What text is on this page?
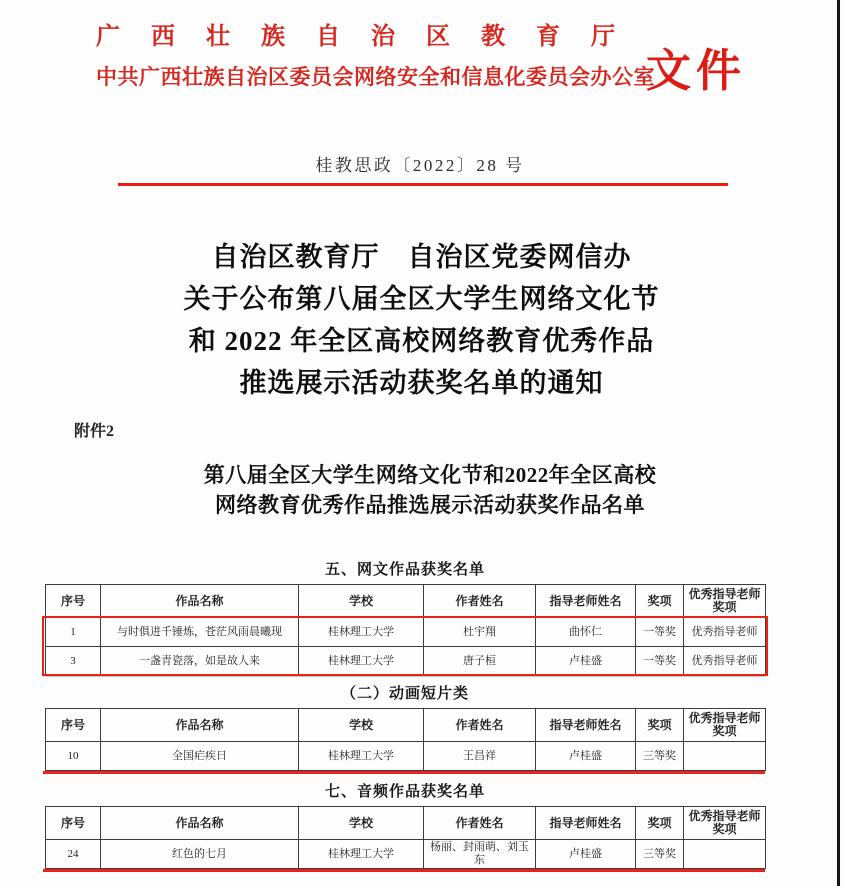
广西壮族自治区教育厅
中共广西壮族自治区委员会网络安全和信息化委员会办公室
文件
桂教思政〔2022〕28 号
自治区教育厅　自治区党委网信办
关于公布第八届全区大学生网络文化节
和 2022 年全区高校网络教育优秀作品
推选展示活动获奖名单的通知
附件2
第八届全区大学生网络文化节和2022年全区高校
网络教育优秀作品推选展示活动获奖作品名单
五、网文作品获奖名单
序号	作品名称	学校	作者姓名	指导老师姓名	奖项	优秀指导老师奖项
1	与时俱进千锤炼，苍茫风雨晨曦现	桂林理工大学	杜宇翔	曲怀仁	一等奖	优秀指导老师
3	一盏青瓷落，如是故人来	桂林理工大学	唐子桓	卢桂盛	一等奖	优秀指导老师
（二）动画短片类
序号	作品名称	学校	作者姓名	指导老师姓名	奖项	优秀指导老师奖项
10	全国疟疾日	桂林理工大学	王昌祥	卢桂盛	三等奖	
七、音频作品获奖名单
序号	作品名称	学校	作者姓名	指导老师姓名	奖项	优秀指导老师奖项
24	红色的七月	桂林理工大学	杨丽、封雨萌、刘玉东	卢桂盛	三等奖	
